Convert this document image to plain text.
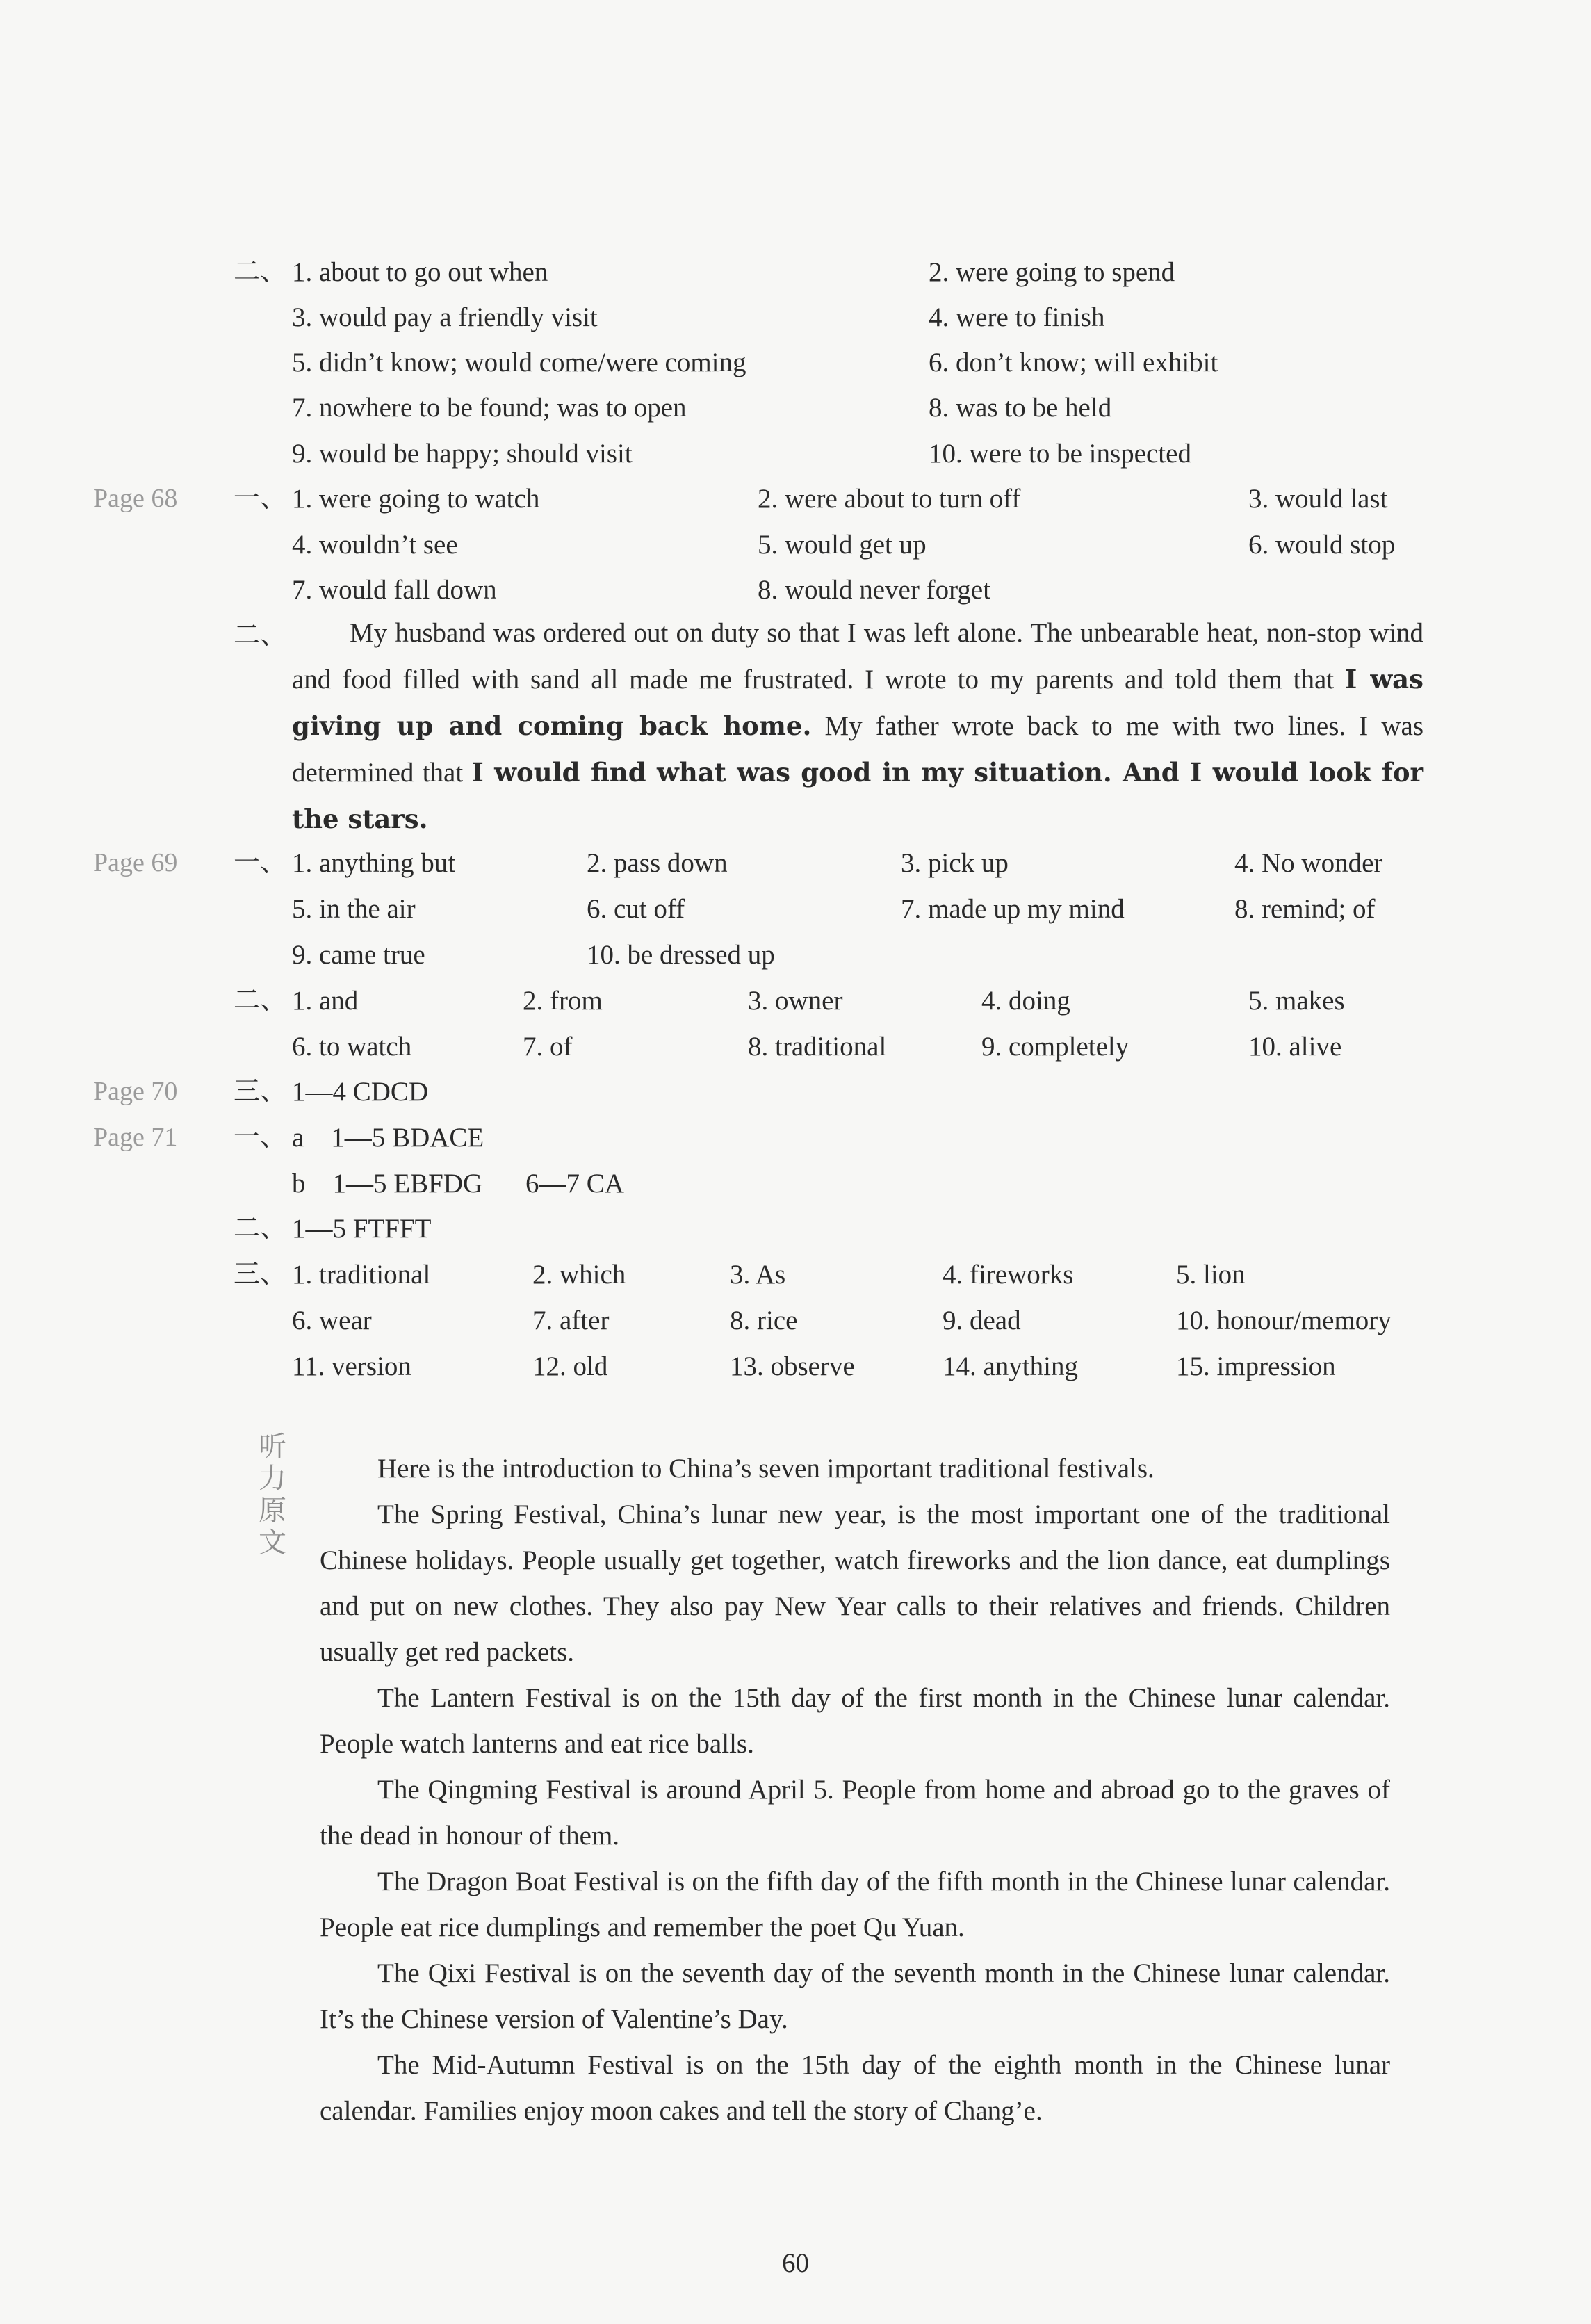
二、 1. about to go out when	2. were going to spend
3. would pay a friendly visit	4. were to finish
5. didn’t know; would come/were coming	6. don’t know; will exhibit
7. nowhere to be found; was to open	8. was to be held
9. would be happy; should visit	10. were to be inspected
Page 68 一、 1. were going to watch	2. were about to turn off	3. would last
4. wouldn’t see	5. would get up	6. would stop
7. would fall down	8. would never forget
二、	My husband was ordered out on duty so that I was left alone. The unbearable heat, non-stop wind and food filled with sand all made me frustrated. I wrote to my parents and told them that I was giving up and coming back home. My father wrote back to me with two lines. I was determined that I would find what was good in my situation. And I would look for the stars.

Page 69 一、 1. anything but	2. pass down	3. pick up	4. No wonder
5. in the air	6. cut off	7. made up my mind	8. remind; of
9. came true	10. be dressed up
二、 1. and	2. from	3. owner	4. doing	5. makes
6. to watch	7. of	8. traditional	9. completely	10. alive
Page 70 三、 1—4 CDCD
Page 71 一、 a    1—5 BDACE
b    1—5 EBFDG 6—7 CA
二、 1—5 FTFFT
三、 1. traditional	2. which	3. As	4. fireworks	5. lion
6. wear	7. after	8. rice	9. dead	10. honour/memory
11. version	12. old	13. observe	14. anything	15. impression
听
力
原
文

Here is the introduction to China’s seven important traditional festivals.

The Spring Festival, China’s lunar new year, is the most important one of the traditional Chinese holidays. People usually get together, watch fireworks and the lion dance, eat dumplings and put on new clothes. They also pay New Year calls to their relatives and friends. Children usually get red packets.

The Lantern Festival is on the 15th day of the first month in the Chinese lunar calendar. People watch lanterns and eat rice balls.

The Qingming Festival is around April 5. People from home and abroad go to the graves of the dead in honour of them.

The Dragon Boat Festival is on the fifth day of the fifth month in the Chinese lunar calendar. People eat rice dumplings and remember the poet Qu Yuan.

The Qixi Festival is on the seventh day of the seventh month in the Chinese lunar calendar. It’s the Chinese version of Valentine’s Day.

The Mid-Autumn Festival is on the 15th day of the eighth month in the Chinese lunar calendar. Families enjoy moon cakes and tell the story of Chang’e.

60
